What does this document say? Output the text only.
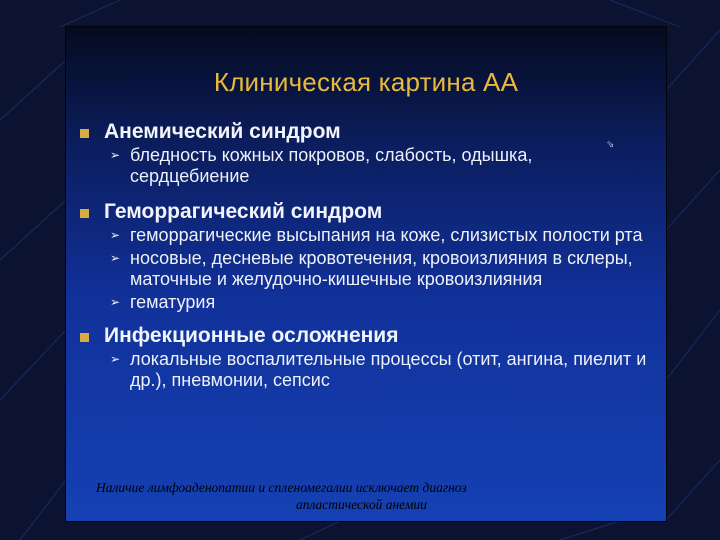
Клиническая картина АА
⇘
Анемический синдром
➢ бледность кожных покровов, слабость, одышка, сердцебиение
Геморрагический синдром
➢ геморрагические высыпания на коже, слизистых полости рта
➢ носовые, десневые кровотечения, кровоизлияния в склеры, маточные и желудочно-кишечные кровоизлияния
➢ гематурия
Инфекционные осложнения
➢ локальные воспалительные процессы (отит, ангина, пиелит и др.), пневмонии, сепсис
Наличие лимфоаденопатии и спленомегалии исключает диагноз
апластической анемии
